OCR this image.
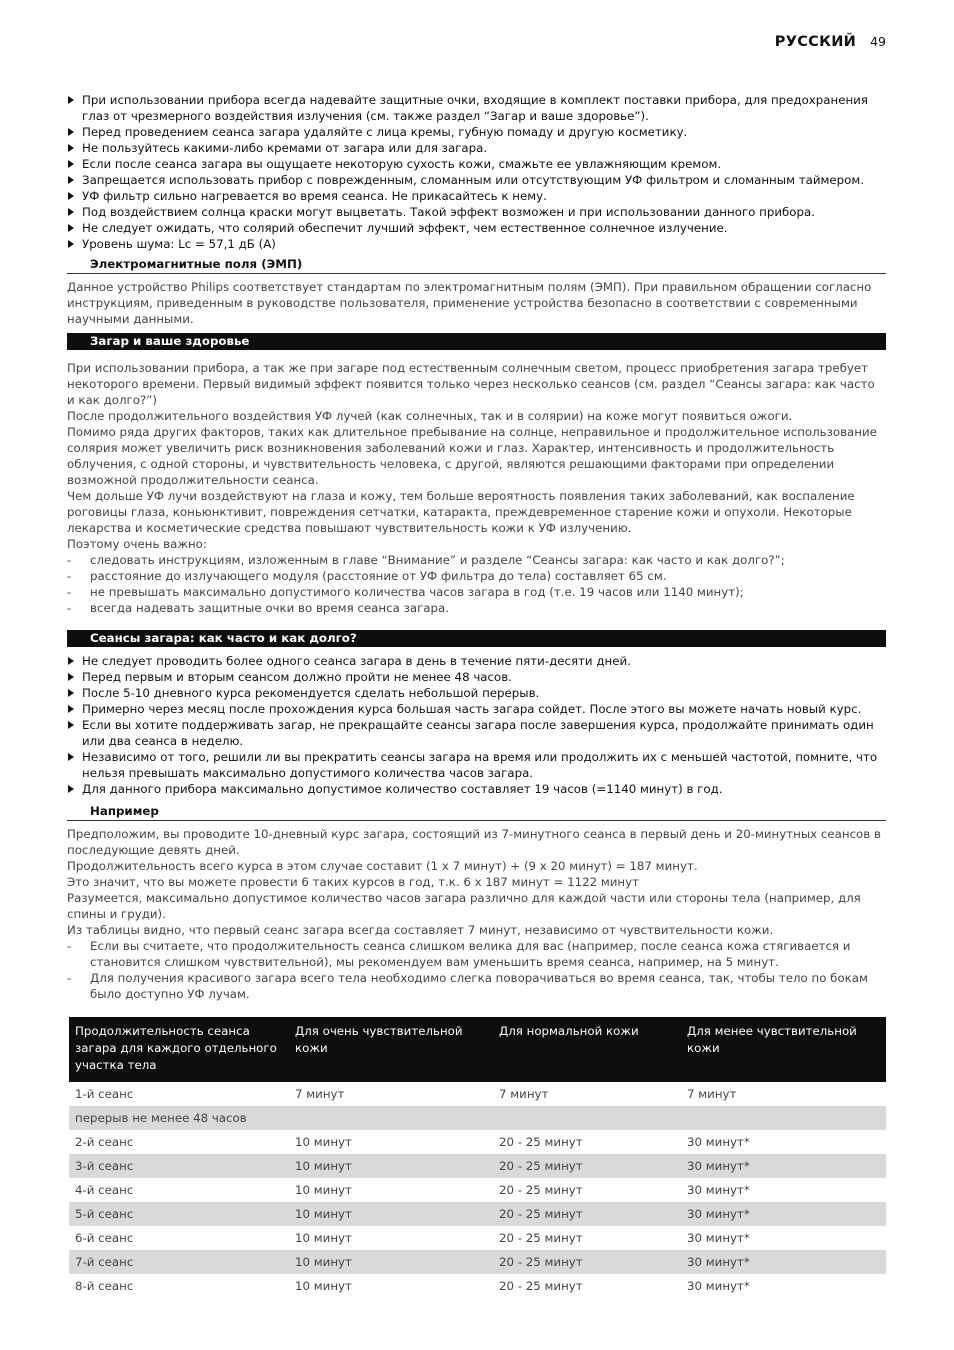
РУССКИЙ 49
При использовании прибора всегда надевайте защитные очки, входящие в комплект поставки прибора, для предохранения глаз от чрезмерного воздействия излучения (см. также раздел “Загар и ваше здоровье”).
Перед проведением сеанса загара удаляйте с лица кремы, губную помаду и другую косметику.
Не пользуйтесь какими-либо кремами от загара или для загара.
Если после сеанса загара вы ощущаете некоторую сухость кожи, смажьте ее увлажняющим кремом.
Запрещается использовать прибор с поврежденным, сломанным или отсутствующим УФ фильтром и сломанным таймером.
УФ фильтр сильно нагревается во время сеанса. Не прикасайтесь к нему.
Под воздействием солнца краски могут выцветать. Такой эффект возможен и при использовании данного прибора.
Не следует ожидать, что солярий обеспечит лучший эффект, чем естественное солнечное излучение.
Уровень шума: Lc = 57,1 дБ (A)
Электромагнитные поля (ЭМП)

Данное устройство Philips соответствует стандартам по электромагнитным полям (ЭМП). При правильном обращении согласно инструкциям, приведенным в руководстве пользователя, применение устройства безопасно в соответствии с современными научными данными.

Загар и ваше здоровье

При использовании прибора, а так же при загаре под естественным солнечным светом, процесс приобретения загара требует некоторого времени. Первый видимый эффект появится только через несколько сеансов (см. раздел “Сеансы загара: как часто и как долго?”)

После продолжительного воздействия УФ лучей (как солнечных, так и в солярии) на коже могут появиться ожоги.

Помимо ряда других факторов, таких как длительное пребывание на солнце, неправильное и продолжительное использование солярия может увеличить риск возникновения заболеваний кожи и глаз. Характер, интенсивность и продолжительность облучения, с одной стороны, и чувствительность человека, с другой, являются решающими факторами при определении возможной продолжительности сеанса.

Чем дольше УФ лучи воздействуют на глаза и кожу, тем больше вероятность появления таких заболеваний, как воспаление роговицы глаза, коньюнктивит, повреждения сетчатки, катаракта, преждевременное старение кожи и опухоли. Некоторые лекарства и косметические средства повышают чувствительность кожи к УФ излучению.

Поэтому очень важно:

- следовать инструкциям, изложенным в главе “Внимание” и разделе “Сеансы загара: как часто и как долго?”;
- расстояние до излучающего модуля (расстояние от УФ фильтра до тела) составляет 65 см.
- не превышать максимально допустимого количества часов загара в год (т.е. 19 часов или 1140 минут);
- всегда надевать защитные очки во время сеанса загара.
Сеансы загара: как часто и как долго?
Не следует проводить более одного сеанса загара в день в течение пяти-десяти дней.
Перед первым и вторым сеансом должно пройти не менее 48 часов.
После 5-10 дневного курса рекомендуется сделать небольшой перерыв.
Примерно через месяц после прохождения курса большая часть загара сойдет. После этого вы можете начать новый курс.
Если вы хотите поддерживать загар, не прекращайте сеансы загара после завершения курса, продолжайте принимать один или два сеанса в неделю.
Независимо от того, решили ли вы прекратить сеансы загара на время или продолжить их с меньшей частотой, помните, что нельзя превышать максимально допустимого количества часов загара.
Для данного прибора максимально допустимое количество составляет 19 часов (=1140 минут) в год.
Например

Предположим, вы проводите 10-дневный курс загара, состоящий из 7-минутного сеанса в первый день и 20-минутных сеансов в последующие девять дней.

Продолжительность всего курса в этом случае составит (1 x 7 минут) + (9 x 20 минут) = 187 минут.

Это значит, что вы можете провести 6 таких курсов в год, т.к. 6 x 187 минут = 1122 минут

Разумеется, максимально допустимое количество часов загара различно для каждой части или стороны тела (например, для спины и груди).

Из таблицы видно, что первый сеанс загара всегда составляет 7 минут, независимо от чувствительности кожи.

- Если вы считаете, что продолжительность сеанса слишком велика для вас (например, после сеанса кожа стягивается и становится слишком чувствительной), мы рекомендуем вам уменьшить время сеанса, например, на 5 минут.
- Для получения красивого загара всего тела необходимо слегка поворачиваться во время сеанса, так, чтобы тело по бокам было доступно УФ лучам.
Продолжительность сеанса загара для каждого отдельного участка тела	Для очень чувствительной кожи	Для нормальной кожи	Для менее чувствительной кожи
1-й сеанс	7 минут	7 минут	7 минут
перерыв не менее 48 часов			
2-й сеанс	10 минут	20 - 25 минут	30 минут*
3-й сеанс	10 минут	20 - 25 минут	30 минут*
4-й сеанс	10 минут	20 - 25 минут	30 минут*
5-й сеанс	10 минут	20 - 25 минут	30 минут*
6-й сеанс	10 минут	20 - 25 минут	30 минут*
7-й сеанс	10 минут	20 - 25 минут	30 минут*
8-й сеанс	10 минут	20 - 25 минут	30 минут*
